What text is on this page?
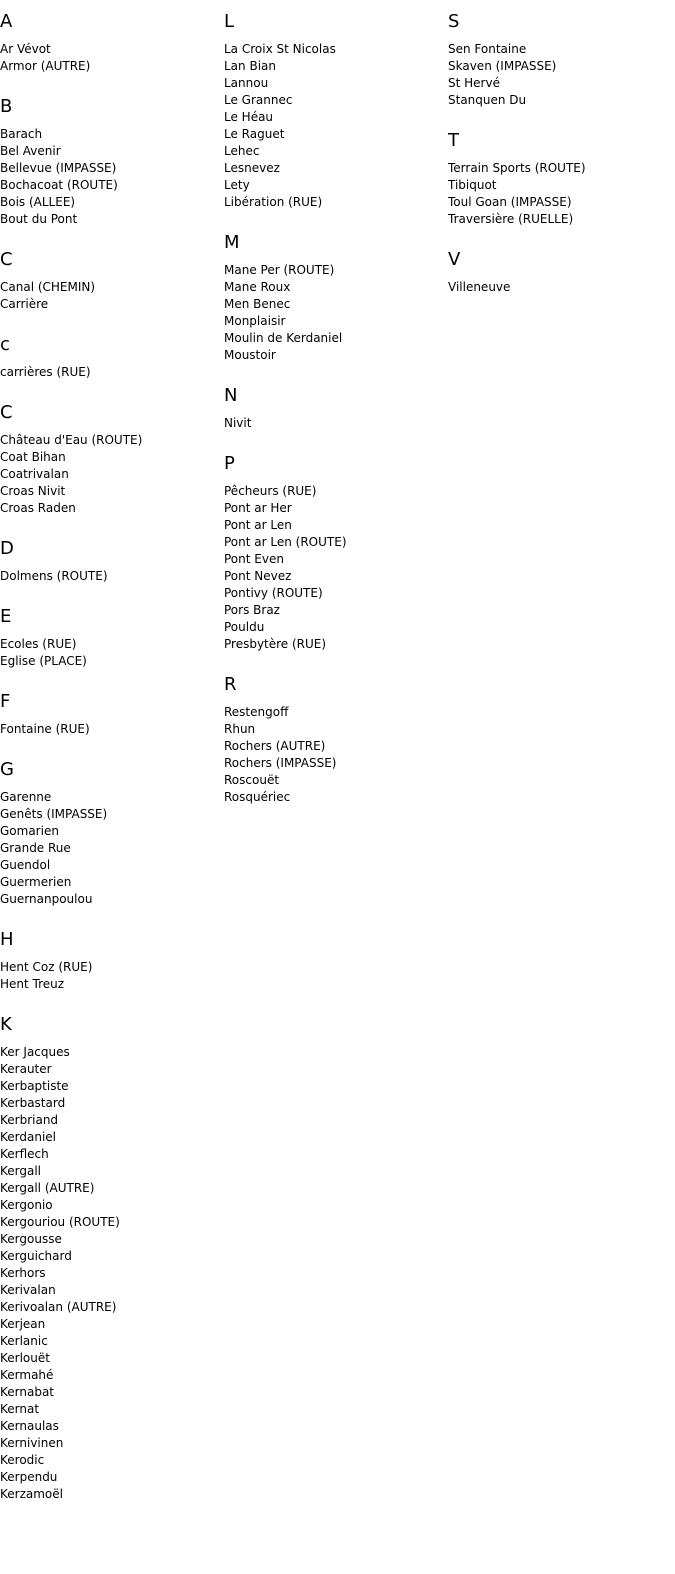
A
Ar Vévot
Armor (AUTRE)
B
Barach
Bel Avenir
Bellevue (IMPASSE)
Bochacoat (ROUTE)
Bois (ALLEE)
Bout du Pont
C
Canal (CHEMIN)
Carrière
c
carrières (RUE)
C
Château d'Eau (ROUTE)
Coat Bihan
Coatrivalan
Croas Nivit
Croas Raden
D
Dolmens (ROUTE)
E
Ecoles (RUE)
Eglise (PLACE)
F
Fontaine (RUE)
G
Garenne
Genêts (IMPASSE)
Gomarien
Grande Rue
Guendol
Guermerien
Guernanpoulou
H
Hent Coz (RUE)
Hent Treuz
K
Ker Jacques
Kerauter
Kerbaptiste
Kerbastard
Kerbriand
Kerdaniel
Kerflech
Kergall
Kergall (AUTRE)
Kergonio
Kergouriou (ROUTE)
Kergousse
Kerguichard
Kerhors
Kerivalan
Kerivoalan (AUTRE)
Kerjean
Kerlanic
Kerlouët
Kermahé
Kernabat
Kernat
Kernaulas
Kernivinen
Kerodic
Kerpendu
Kerzamoël
L
La Croix St Nicolas
Lan Bian
Lannou
Le Grannec
Le Héau
Le Raguet
Lehec
Lesnevez
Lety
Libération (RUE)
M
Mane Per (ROUTE)
Mane Roux
Men Benec
Monplaisir
Moulin de Kerdaniel
Moustoir
N
Nivit
P
Pêcheurs (RUE)
Pont ar Her
Pont ar Len
Pont ar Len (ROUTE)
Pont Even
Pont Nevez
Pontivy (ROUTE)
Pors Braz
Pouldu
Presbytère (RUE)
R
Restengoff
Rhun
Rochers (AUTRE)
Rochers (IMPASSE)
Roscouët
Rosquériec
S
Sen Fontaine
Skaven (IMPASSE)
St Hervé
Stanquen Du
T
Terrain Sports (ROUTE)
Tibiquot
Toul Goan (IMPASSE)
Traversière (RUELLE)
V
Villeneuve
